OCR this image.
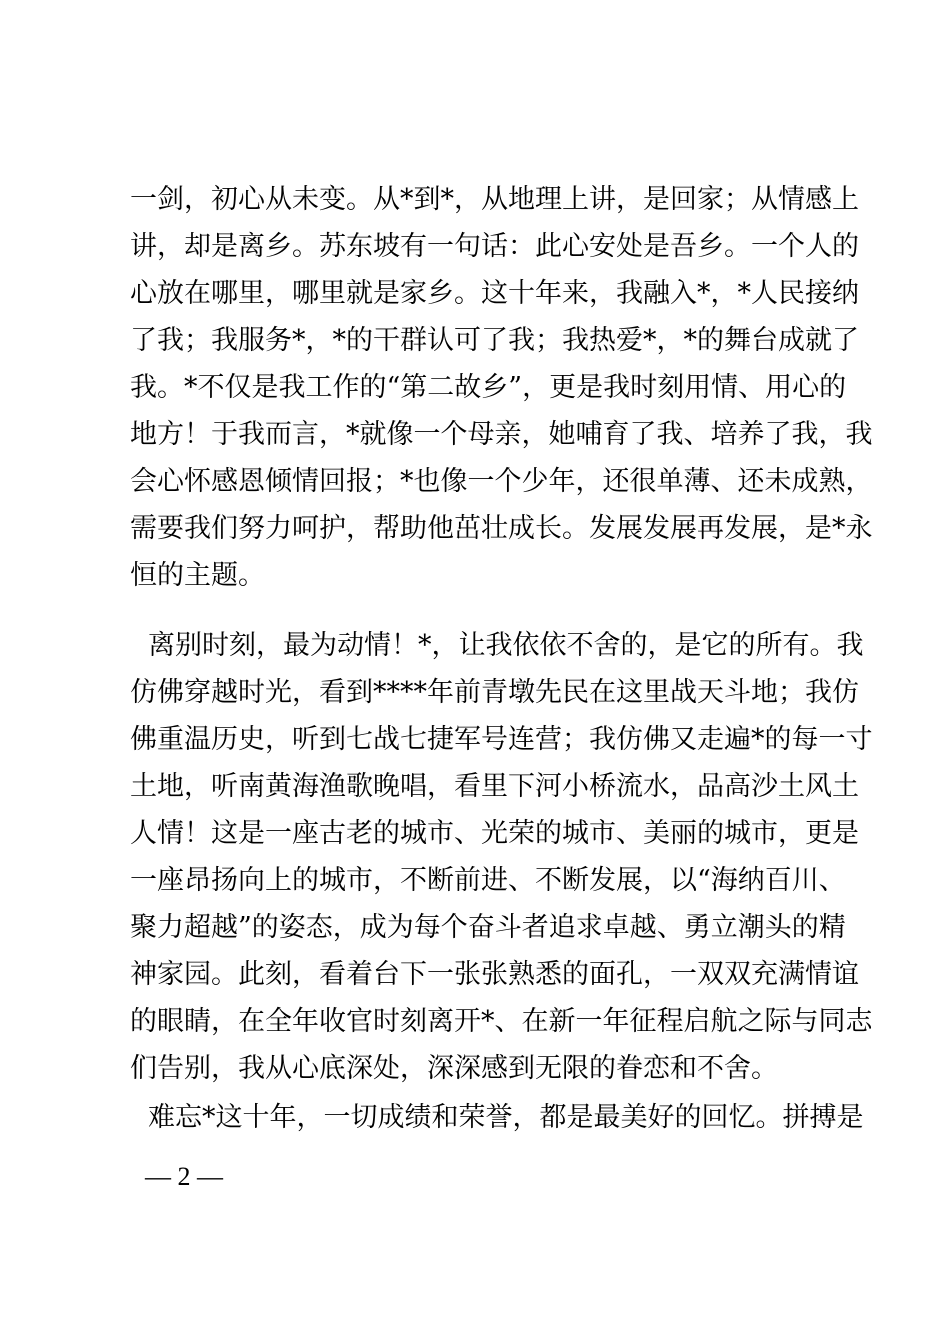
一剑，初心从未变。从*到*，从地理上讲，是回家；从情感上
讲，却是离乡。苏东坡有一句话：此心安处是吾乡。一个人的
心放在哪里，哪里就是家乡。这十年来，我融入*，*人民接纳
了我；我服务*，*的干群认可了我；我热爱*，*的舞台成就了
我。*不仅是我工作的“第二故乡”，更是我时刻用情、用心的
地方！于我而言，*就像一个母亲，她哺育了我、培养了我，我
会心怀感恩倾情回报；*也像一个少年，还很单薄、还未成熟，
需要我们努力呵护，帮助他茁壮成长。发展发展再发展，是*永
恒的主题。
离别时刻，最为动情！*，让我依依不舍的，是它的所有。我
仿佛穿越时光，看到****年前青墩先民在这里战天斗地；我仿
佛重温历史，听到七战七捷军号连营；我仿佛又走遍*的每一寸
土地，听南黄海渔歌晚唱，看里下河小桥流水，品高沙土风土
人情！这是一座古老的城市、光荣的城市、美丽的城市，更是
一座昂扬向上的城市，不断前进、不断发展，以“海纳百川、
聚力超越”的姿态，成为每个奋斗者追求卓越、勇立潮头的精
神家园。此刻，看着台下一张张熟悉的面孔，一双双充满情谊
的眼睛，在全年收官时刻离开*、在新一年征程启航之际与同志
们告别，我从心底深处，深深感到无限的眷恋和不舍。
难忘*这十年，一切成绩和荣誉，都是最美好的回忆。拼搏是
— 2 —
